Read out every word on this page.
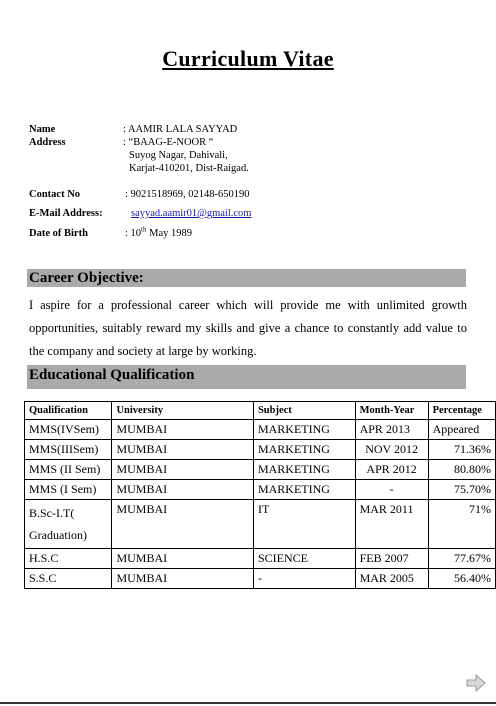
Curriculum Vitae
Name	: AAMIR LALA SAYYAD
Address	: “BAAG-E-NOOR “
Suyog Nagar, Dahivali,
Karjat-410201, Dist-Raigad.
Contact No	: 9021518969, 02148-650190
E-Mail Address:	sayyad.aamir01@gmail.com
Date of Birth	: 10th May 1989
Career Objective:
I aspire for a professional career which will provide me with unlimited growth opportunities, suitably reward my skills and give a chance to constantly add value to the company and society at large by working.
Educational Qualification
Qualification	University	Subject	Month-Year	Percentage
MMS(IVSem)	MUMBAI	MARKETING	APR 2013	Appeared
MMS(IIISem)	MUMBAI	MARKETING	NOV 2012	71.36%
MMS (II Sem)	MUMBAI	MARKETING	APR 2012	80.80%
MMS (I Sem)	MUMBAI	MARKETING	-	75.70%
B.Sc-I.T( Graduation)	MUMBAI	IT	MAR 2011	71%
H.S.C	MUMBAI	SCIENCE	FEB 2007	77.67%
S.S.C	MUMBAI	-	MAR 2005	56.40%
